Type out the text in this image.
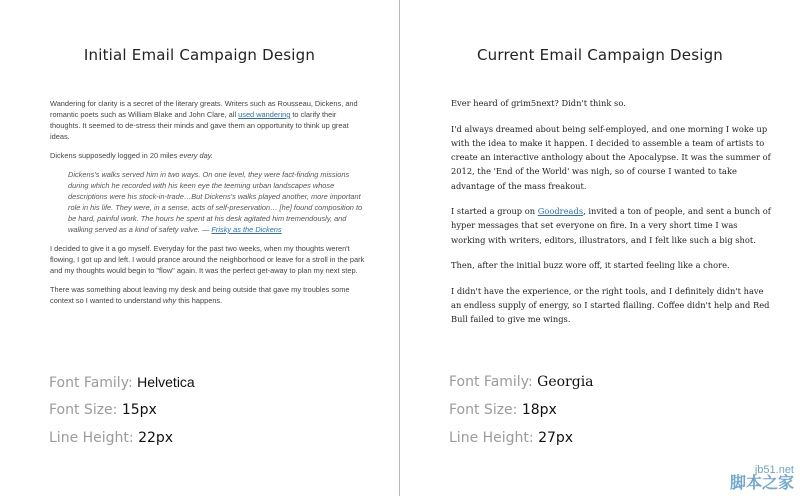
Initial Email Campaign Design

Wandering for clarity is a secret of the literary greats. Writers such as Rousseau, Dickens, and romantic poets such as William Blake and John Clare, all used wandering to clarify their thoughts. It seemed to de-stress their minds and gave them an opportunity to think up great ideas.

Dickens supposedly logged in 20 miles every day.

Dickens's walks served him in two ways. On one level, they were fact-finding missions during which he recorded with his keen eye the teeming urban landscapes whose descriptions were his stock-in-trade…But Dickens's walks played another, more important role in his life. They were, in a sense, acts of self-preservation… [he] found composition to be hard, painful work. The hours he spent at his desk agitated him tremendously, and walking served as a kind of safety valve. — Frisky as the Dickens

I decided to give it a go myself. Everyday for the past two weeks, when my thoughts weren't flowing, I got up and left. I would prance around the neighborhood or leave for a stroll in the park and my thoughts would begin to "flow" again. It was the perfect get-away to plan my next step.

There was something about leaving my desk and being outside that gave my troubles some context so I wanted to understand why this happens.

Font Family: Helvetica
Font Size: 15px
Line Height: 22px
Current Email Campaign Design

Ever heard of grim5next? Didn't think so.

I'd always dreamed about being self-employed, and one morning I woke up with the idea to make it happen. I decided to assemble a team of artists to create an interactive anthology about the Apocalypse. It was the summer of 2012, the 'End of the World' was nigh, so of course I wanted to take advantage of the mass freakout.

I started a group on Goodreads, invited a ton of people, and sent a bunch of hyper messages that set everyone on fire. In a very short time I was working with writers, editors, illustrators, and I felt like such a big shot.

Then, after the initial buzz wore off, it started feeling like a chore.

I didn't have the experience, or the right tools, and I definitely didn't have an endless supply of energy, so I started flailing. Coffee didn't help and Red Bull failed to give me wings.

Font Family: Georgia
Font Size: 18px
Line Height: 27px
jb51.net
脚本之家
